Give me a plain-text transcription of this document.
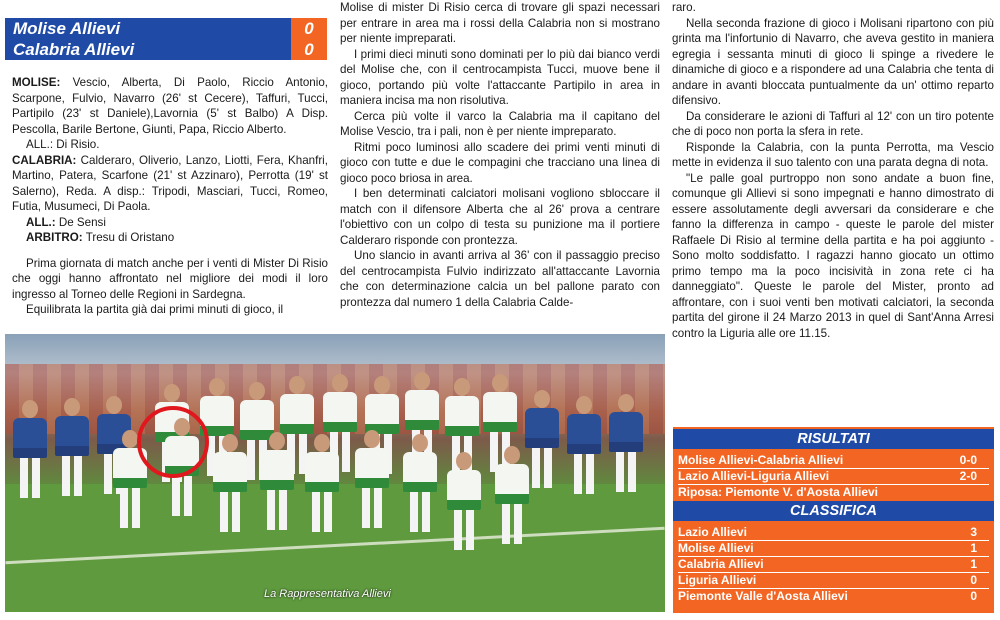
Molise Allievi	0
Calabria Allievi	0

MOLISE: Vescio, Alberta, Di Paolo, Riccio Antonio, Scarpone, Fulvio, Navarro (26' st Cecere), Taffuri, Tucci, Partipilo (23' st Daniele),Lavornia (5' st Balbo) A Disp. Pescolla, Barile Bertone, Giunti, Papa, Riccio Alberto.

ALL.: Di Risio.

CALABRIA: Calderaro, Oliverio, Lanzo, Liotti, Fera, Khanfri, Martino, Patera, Scarfone (21' st Azzinaro), Perrotta (19' st Salerno), Reda. A disp.: Tripodi, Masciari, Tucci, Romeo, Futia, Musumeci, Di Paola.

ALL.: De Sensi

ARBITRO: Tresu di Oristano

Prima giornata di match anche per i venti di Mister Di Risio che oggi hanno affrontato nel migliore dei modi il loro ingresso al Torneo delle Regioni in Sardegna.

Equilibrata la partita già dai primi minuti di gioco, il

Molise di mister Di Risio cerca di trovare gli spazi necessari per entrare in area ma i rossi della Calabria non si mostrano per niente impreparati.

I primi dieci minuti sono dominati per lo più dai bianco verdi del Molise che, con il centrocampista Tucci, muove bene il gioco, portando più volte l'attaccante Partipilo in area in maniera incisa ma non risolutiva.

Cerca più volte il varco la Calabria ma il capitano del Molise Vescio, tra i pali, non è per niente impreparato.

Ritmi poco luminosi allo scadere dei primi venti minuti di gioco con tutte e due le compagini che tracciano una linea di gioco poco briosa in area.

I ben determinati calciatori molisani vogliono sbloccare il match con il difensore Alberta che al 26' prova a centrare l'obiettivo con un colpo di testa su punizione ma il portiere Calderaro risponde con prontezza.

Uno slancio in avanti arriva al 36' con il passaggio preciso del centrocampista Fulvio indirizzato all'attaccante Lavornia che con determinazione calcia un bel pallone parato con prontezza dal numero 1 della Calabria Calde-

raro.

Nella seconda frazione di gioco i Molisani ripartono con più grinta ma l'infortunio di Navarro, che aveva gestito in maniera egregia i sessanta minuti di gioco li spinge a rivedere le dinamiche di gioco e a rispondere ad una Calabria che tenta di andare in avanti bloccata puntualmente da un' ottimo reparto difensivo.

Da considerare le azioni di Taffuri al 12' con un tiro potente che di poco non porta la sfera in rete.

Risponde la Calabria, con la punta Perrotta, ma Vescio mette in evidenza il suo talento con una parata degna di nota.

"Le palle goal purtroppo non sono andate a buon fine, comunque gli Allievi si sono impegnati e hanno dimostrato di essere assolutamente degli avversari da considerare e che fanno la differenza in campo - queste le parole del mister Raffaele Di Risio al termine della partita e ha poi aggiunto - Sono molto soddisfatto. I ragazzi hanno giocato un ottimo primo tempo ma la poco incisività in zona rete ci ha danneggiato". Queste le parole del Mister, pronto ad affrontare, con i suoi venti ben motivati calciatori, la seconda partita del girone il 24 Marzo 2013 in quel di Sant'Anna Arresi contro la Liguria alle ore 11.15.

La Rappresentativa Allievi
RISULTATI
Molise Allievi-Calabria Allievi	0-0
Lazio Allievi-Liguria Allievi	2-0
Riposa: Piemonte V. d'Aosta Allievi
CLASSIFICA
Lazio Allievi	3
Molise Allievi	1
Calabria Allievi	1
Liguria Allievi	0
Piemonte Valle d'Aosta Allievi	0
